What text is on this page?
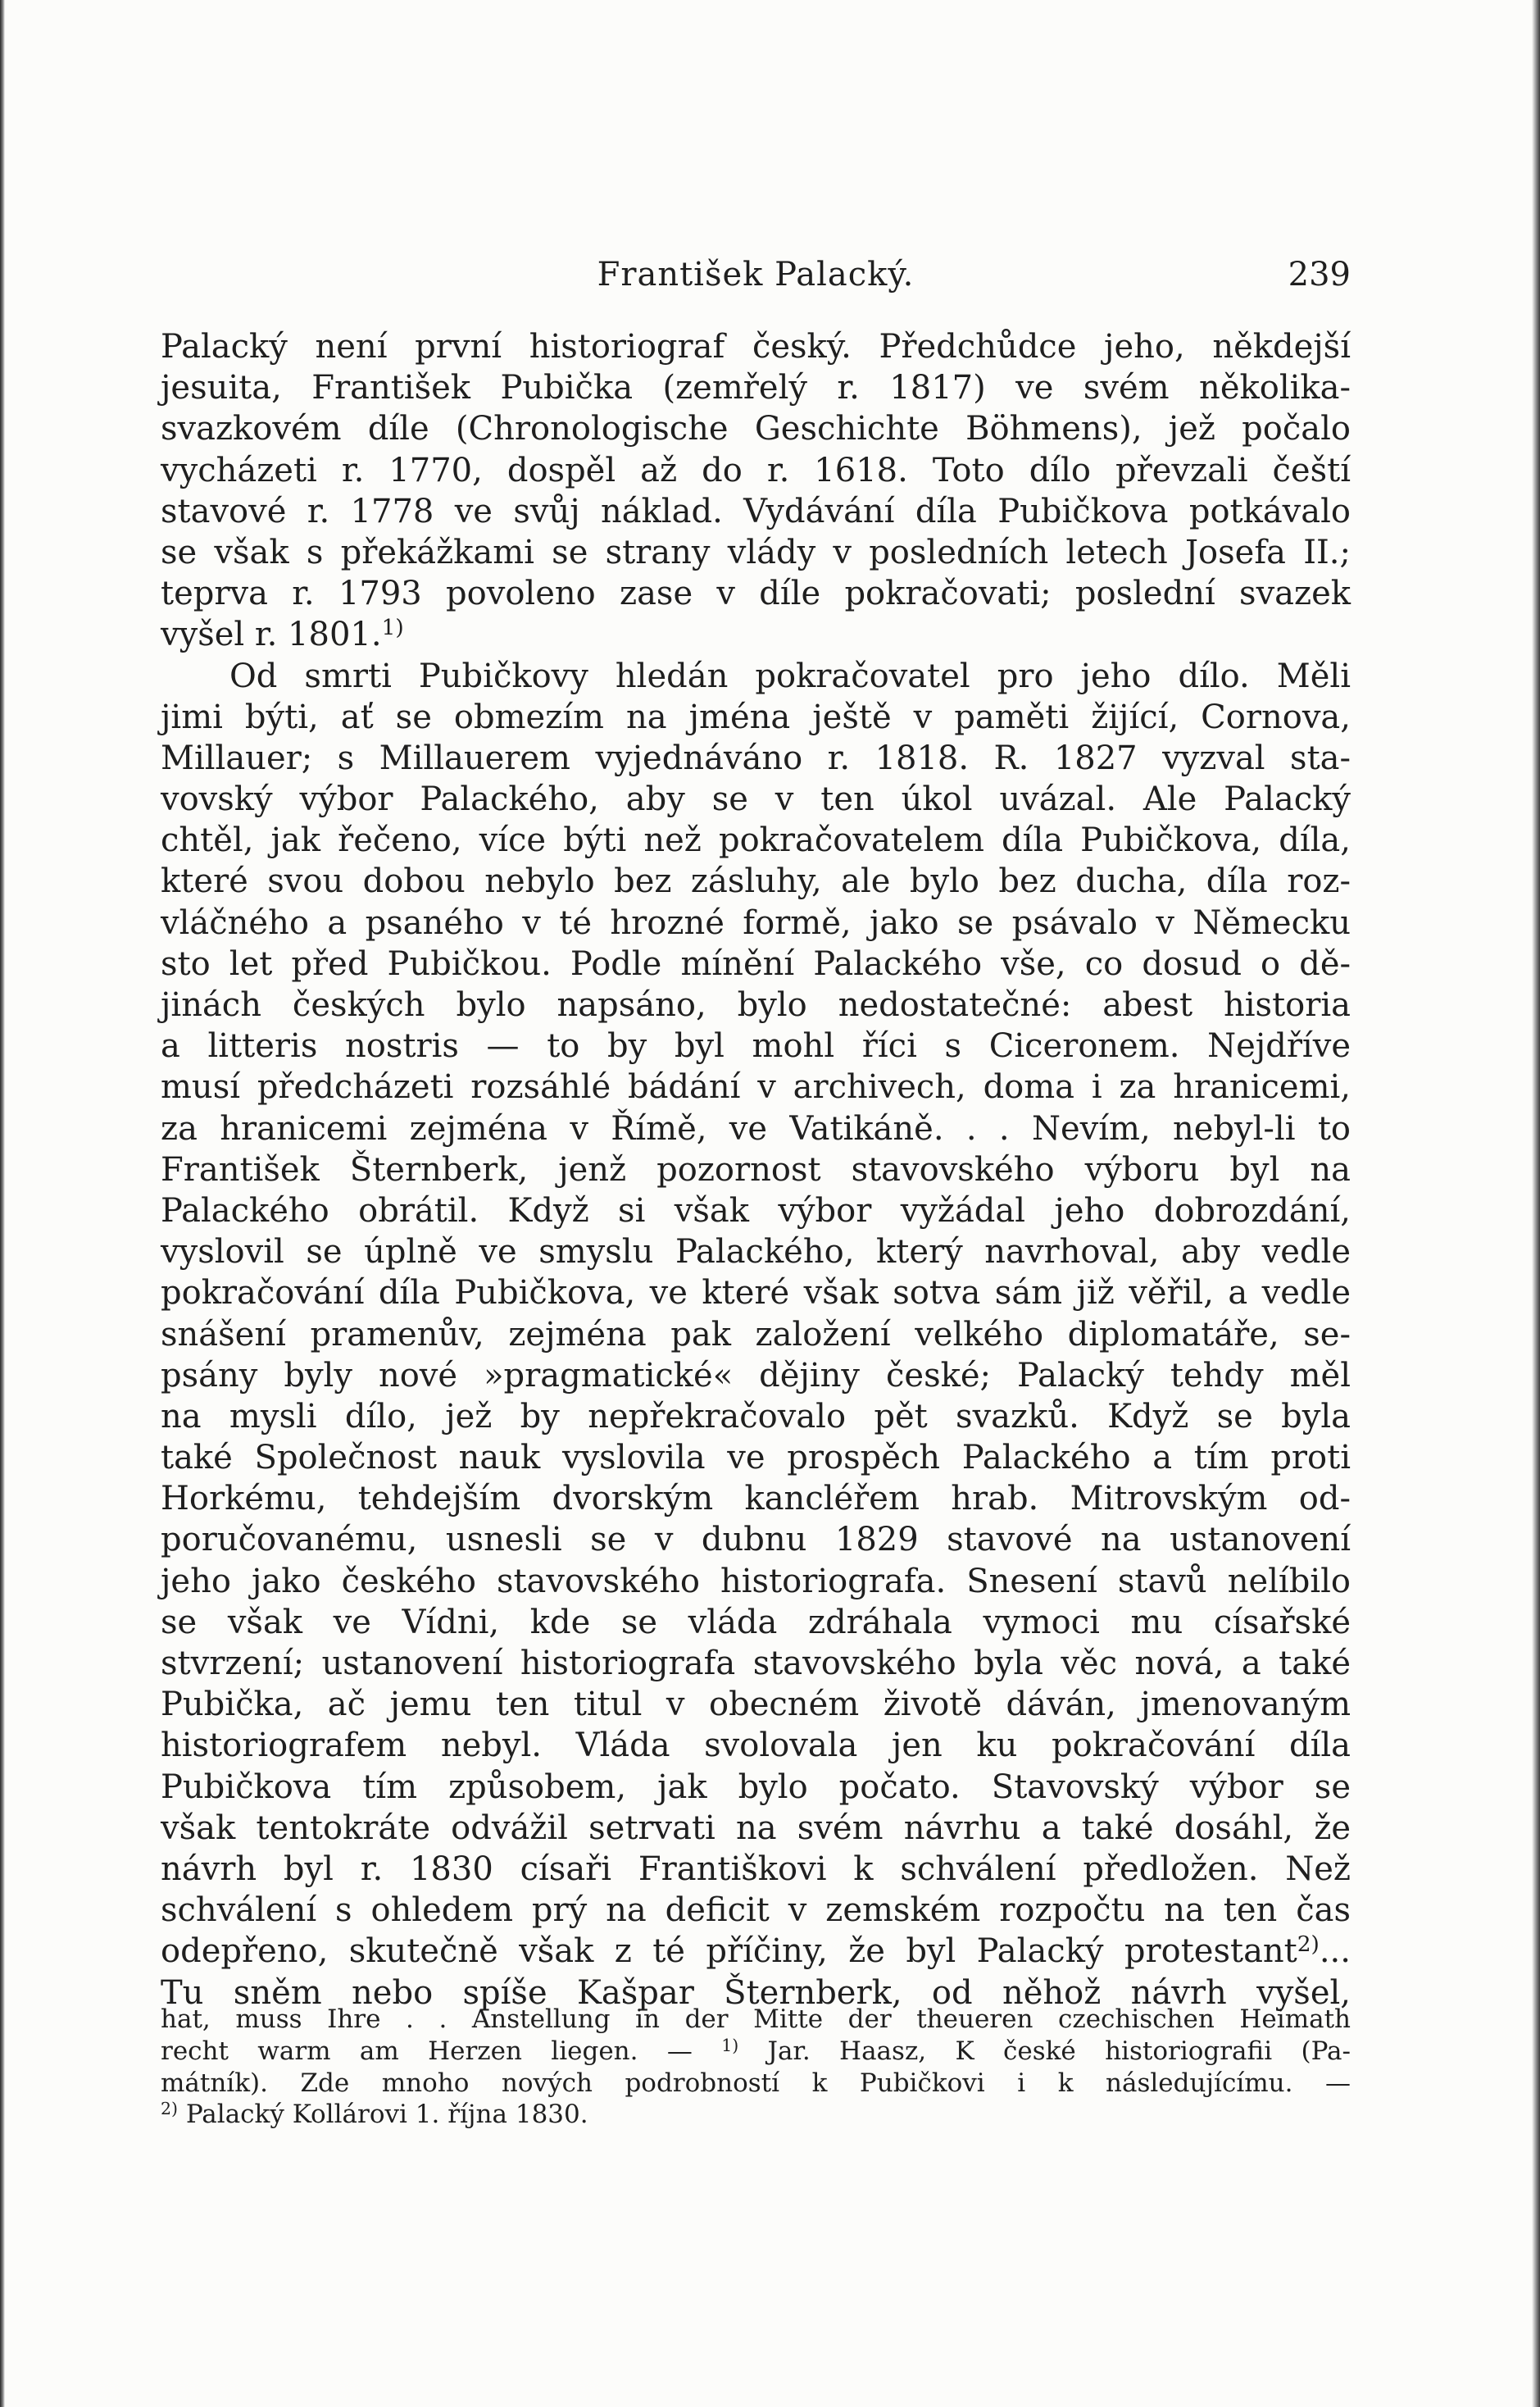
František Palacký.	239
Palacký není první historiograf český. Předchůdce jeho, někdejší
jesuita, František Pubička (zemřelý r. 1817) ve svém několika-
svazkovém díle (Chronologische Geschichte Böhmens), jež počalo
vycházeti r. 1770, dospěl až do r. 1618. Toto dílo převzali čeští
stavové r. 1778 ve svůj náklad. Vydávání díla Pubičkova potkávalo
se však s překážkami se strany vlády v posledních letech Josefa II.;
teprva r. 1793 povoleno zase v díle pokračovati; poslední svazek
vyšel r. 1801.$^{1)}$
Od smrti Pubičkovy hledán pokračovatel pro jeho dílo. Měli
jimi býti, ať se obmezím na jména ještě v paměti žijící, Cornova,
Millauer; s Millauerem vyjednáváno r. 1818. R. 1827 vyzval sta-
vovský výbor Palackého, aby se v ten úkol uvázal. Ale Palacký
chtěl, jak řečeno, více býti než pokračovatelem díla Pubičkova, díla,
které svou dobou nebylo bez zásluhy, ale bylo bez ducha, díla roz-
vláčného a psaného v té hrozné formě, jako se psávalo v Německu
sto let před Pubičkou. Podle mínění Palackého vše, co dosud o dě-
jinách českých bylo napsáno, bylo nedostatečné: abest historia
a litteris nostris — to by byl mohl říci s Ciceronem. Nejdříve
musí předcházeti rozsáhlé bádání v archivech, doma i za hranicemi,
za hranicemi zejména v Římě, ve Vatikáně. . . Nevím, nebyl-li to
František Šternberk, jenž pozornost stavovského výboru byl na
Palackého obrátil. Když si však výbor vyžádal jeho dobrozdání,
vyslovil se úplně ve smyslu Palackého, který navrhoval, aby vedle
pokračování díla Pubičkova, ve které však sotva sám již věřil, a vedle
snášení pramenův, zejména pak založení velkého diplomatáře, se-
psány byly nové »pragmatické« dějiny české; Palacký tehdy měl
na mysli dílo, jež by nepřekračovalo pět svazků. Když se byla
také Společnost nauk vyslovila ve prospěch Palackého a tím proti
Horkému, tehdejším dvorským kancléřem hrab. Mitrovským od-
poručovanému, usnesli se v dubnu 1829 stavové na ustanovení
jeho jako českého stavovského historiografa. Snesení stavů nelíbilo
se však ve Vídni, kde se vláda zdráhala vymoci mu císařské
stvrzení; ustanovení historiografa stavovského byla věc nová, a také
Pubička, ač jemu ten titul v obecném životě dáván, jmenovaným
historiografem nebyl. Vláda svolovala jen ku pokračování díla
Pubičkova tím způsobem, jak bylo počato. Stavovský výbor se
však tentokráte odvážil setrvati na svém návrhu a také dosáhl, že
návrh byl r. 1830 císaři Františkovi k schválení předložen. Než
schválení s ohledem prý na deficit v zemském rozpočtu na ten čas
odepřeno, skutečně však z té příčiny, že byl Palacký protestant$^{2)}$...
Tu sněm nebo spíše Kašpar Šternberk, od něhož návrh vyšel,
hat, muss Ihre . . Anstellung in der Mitte der theueren czechischen Heimath
recht warm am Herzen liegen. — $^{1)}$ Jar. Haasz, K české historiografii (Pa-
mátník). Zde mnoho nových podrobností k Pubičkovi i k následujícímu. —
$^{2)}$ Palacký Kollárovi 1. října 1830.
